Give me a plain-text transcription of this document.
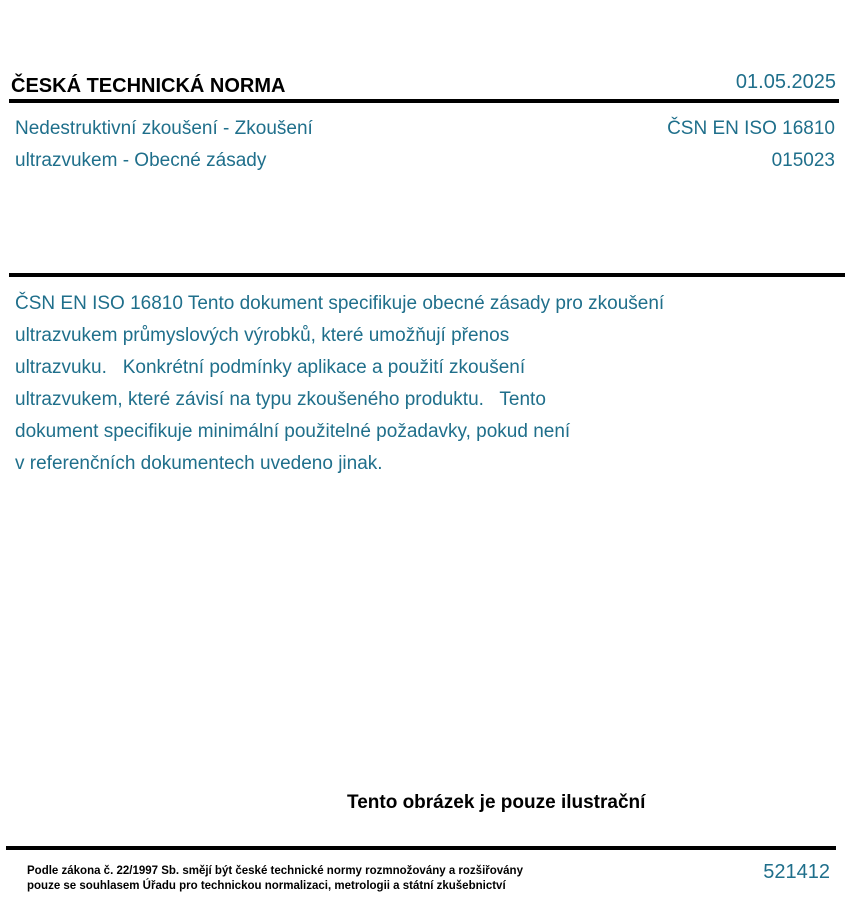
ČESKÁ TECHNICKÁ NORMA	01.05.2025
Nedestruktivní zkoušení - Zkoušení
ultrazvukem - Obecné zásady
ČSN EN ISO 16810
015023
ČSN EN ISO 16810 Tento dokument specifikuje obecné zásady pro zkoušení
ultrazvukem průmyslových výrobků, které umožňují přenos
ultrazvuku.   Konkrétní podmínky aplikace a použití zkoušení
ultrazvukem, které závisí na typu zkoušeného produktu.   Tento
dokument specifikuje minimální použitelné požadavky, pokud není
v referenčních dokumentech uvedeno jinak.
Tento obrázek je pouze ilustrační
Podle zákona č. 22/1997 Sb. smějí být české technické normy rozmnožovány a rozšiřovány
pouze se souhlasem Úřadu pro technickou normalizaci, metrologii a státní zkušebnictví
521412
